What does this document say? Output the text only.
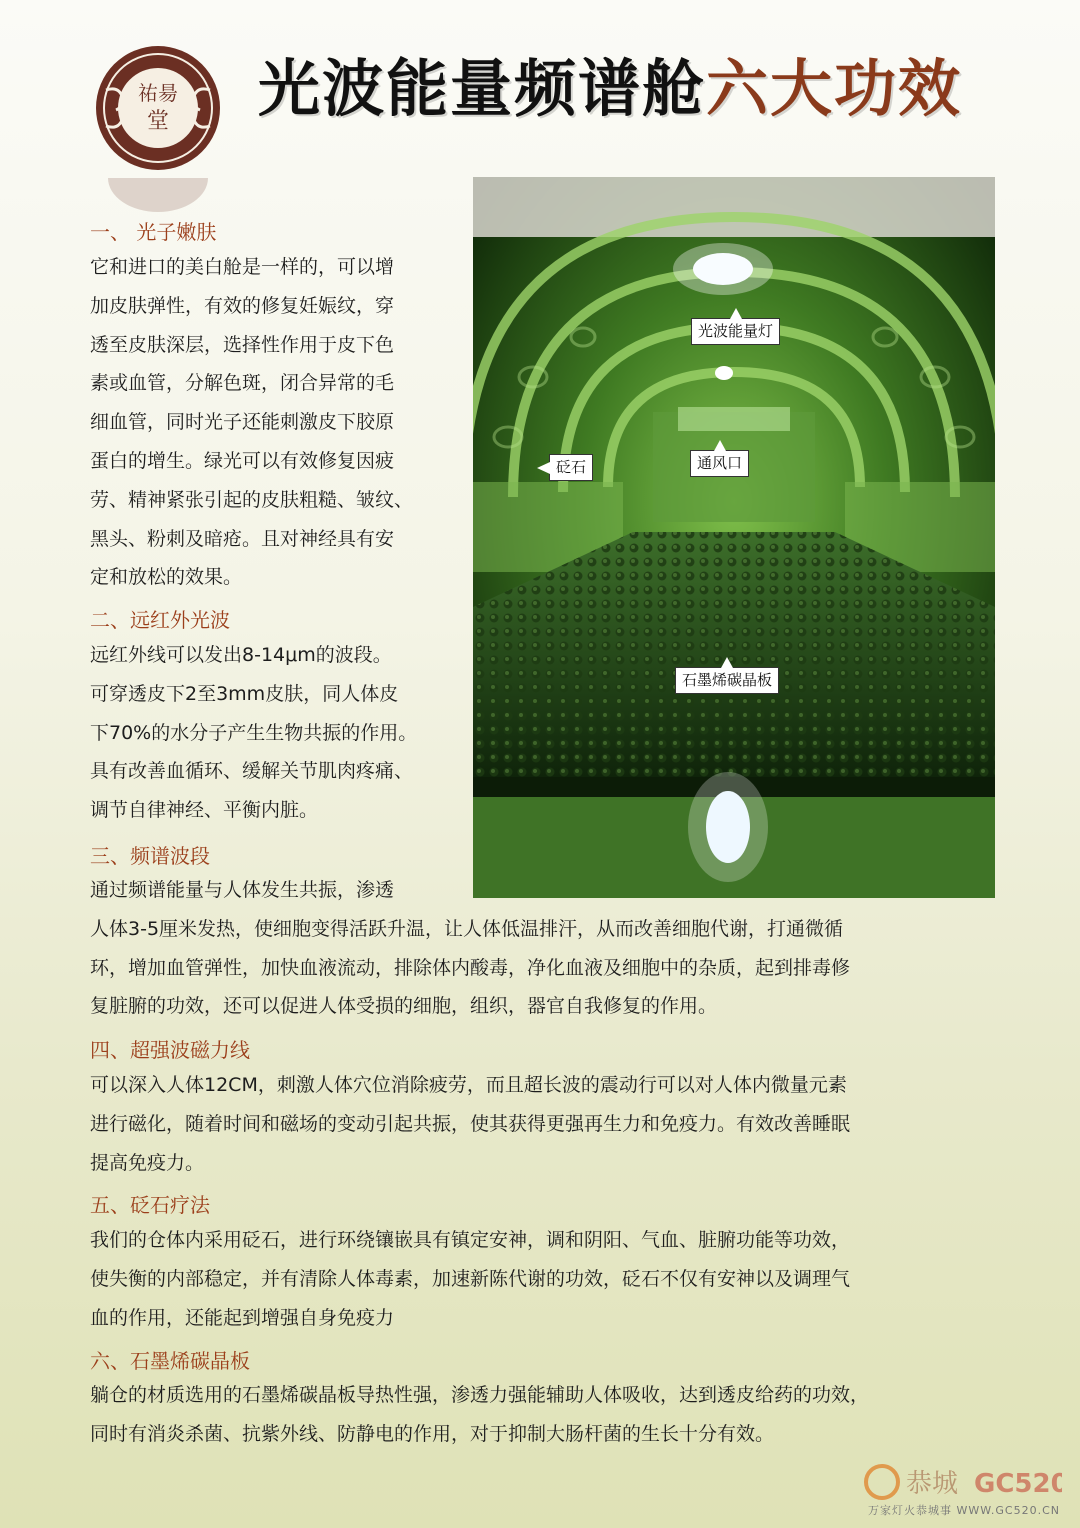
祐昜
堂 光波能量频谱舱六大功效
光波能量灯
通风口
砭石
石墨烯碳晶板
一、 光子嫩肤
它和进口的美白舱是一样的，可以增
加皮肤弹性，有效的修复妊娠纹，穿
透至皮肤深层，选择性作用于皮下色
素或血管，分解色斑，闭合异常的毛
细血管，同时光子还能刺激皮下胶原
蛋白的增生。绿光可以有效修复因疲
劳、精神紧张引起的皮肤粗糙、皱纹、
黑头、粉刺及暗疮。且对神经具有安
定和放松的效果。
二、远红外光波
远红外线可以发出8-14μm的波段。
可穿透皮下2至3mm皮肤，同人体皮
下70%的水分子产生生物共振的作用。
具有改善血循环、缓解关节肌肉疼痛、
调节自律神经、平衡内脏。
三、频谱波段
通过频谱能量与人体发生共振，渗透
人体3-5厘米发热，使细胞变得活跃升温，让人体低温排汗，从而改善细胞代谢，打通微循
环，增加血管弹性，加快血液流动，排除体内酸毒，净化血液及细胞中的杂质，起到排毒修
复脏腑的功效，还可以促进人体受损的细胞，组织，器官自我修复的作用。
四、超强波磁力线
可以深入人体12CM，刺激人体穴位消除疲劳，而且超长波的震动行可以对人体内微量元素
进行磁化，随着时间和磁场的变动引起共振，使其获得更强再生力和免疫力。有效改善睡眠
提高免疫力。
五、砭石疗法
我们的仓体内采用砭石，进行环绕镶嵌具有镇定安神，调和阴阳、气血、脏腑功能等功效，
使失衡的内部稳定，并有清除人体毒素，加速新陈代谢的功效，砭石不仅有安神以及调理气
血的作用，还能起到增强自身免疫力
六、石墨烯碳晶板
躺仓的材质选用的石墨烯碳晶板导热性强，渗透力强能辅助人体吸收，达到透皮给药的功效，
同时有消炎杀菌、抗紫外线、防静电的作用，对于抑制大肠杆菌的生长十分有效。
恭城 GC520
万家灯火恭城事 WWW.GC520.CN
